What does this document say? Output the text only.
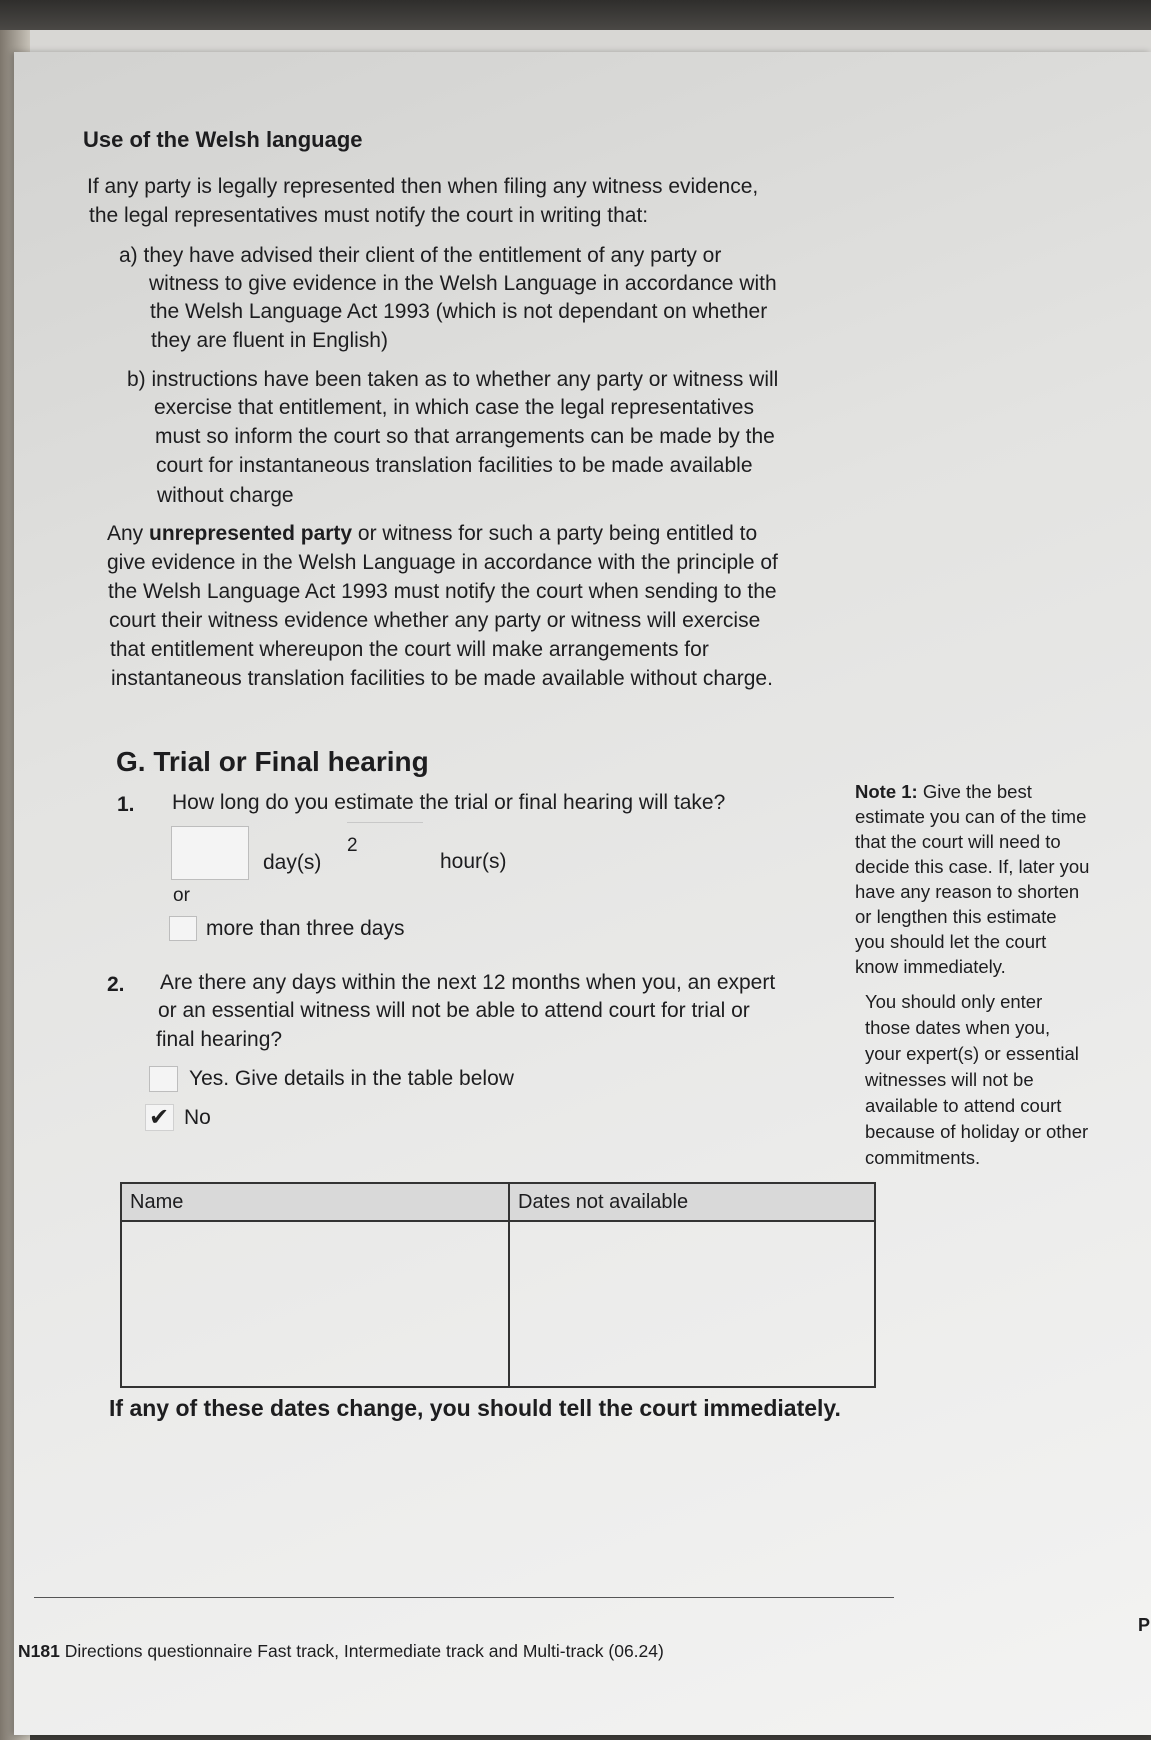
Use of the Welsh language
If any party is legally represented then when filing any witness evidence,
the legal representatives must notify the court in writing that:
a) they have advised their client of the entitlement of any party or
witness to give evidence in the Welsh Language in accordance with
the Welsh Language Act 1993 (which is not dependant on whether
they are fluent in English)
b) instructions have been taken as to whether any party or witness will
exercise that entitlement, in which case the legal representatives
must so inform the court so that arrangements can be made by the
court for instantaneous translation facilities to be made available
without charge
Any unrepresented party or witness for such a party being entitled to
give evidence in the Welsh Language in accordance with the principle of
the Welsh Language Act 1993 must notify the court when sending to the
court their witness evidence whether any party or witness will exercise
that entitlement whereupon the court will make arrangements for
instantaneous translation facilities to be made available without charge.
G. Trial or Final hearing
1. How long do you estimate the trial or final hearing will take?
day(s)
2
hour(s)
or
more than three days
2. Are there any days within the next 12 months when you, an expert
or an essential witness will not be able to attend court for trial or
final hearing?
Yes. Give details in the table below
✔ No
Name	Dates not available

If any of these dates change, you should tell the court immediately.
Note 1: Give the best
estimate you can of the time
that the court will need to
decide this case. If, later you
have any reason to shorten
or lengthen this estimate
you should let the court
know immediately.
You should only enter
those dates when you,
your expert(s) or essential
witnesses will not be
available to attend court
because of holiday or other
commitments.
N181 Directions questionnaire Fast track, Intermediate track and Multi-track (06.24)
P
